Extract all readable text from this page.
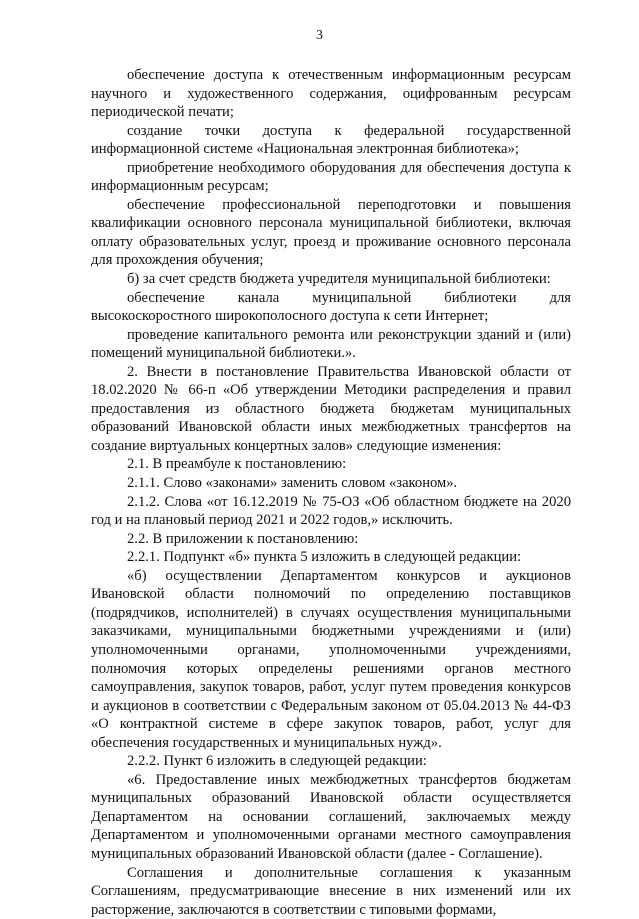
3

обеспечение доступа к отечественным информационным ресурсам научного и художественного содержания, оцифрованным ресурсам периодической печати;

создание точки доступа к федеральной государственной информационной системе «Национальная электронная библиотека»;

приобретение необходимого оборудования для обеспечения доступа к информационным ресурсам;

обеспечение профессиональной переподготовки и повышения квалификации основного персонала муниципальной библиотеки, включая оплату образовательных услуг, проезд и проживание основного персонала для прохождения обучения;

б) за счет средств бюджета учредителя муниципальной библиотеки:

обеспечение канала муниципальной библиотеки для высокоскоростного широкополосного доступа к сети Интернет;

проведение капитального ремонта или реконструкции зданий и (или) помещений муниципальной библиотеки.».

2. Внести в постановление Правительства Ивановской области от 18.02.2020 № 66-п «Об утверждении Методики распределения и правил предоставления из областного бюджета бюджетам муниципальных образований Ивановской области иных межбюджетных трансфертов на создание виртуальных концертных залов» следующие изменения:

2.1. В преамбуле к постановлению:

2.1.1. Слово «законами» заменить словом «законом».

2.1.2. Слова «от 16.12.2019 № 75-ОЗ «Об областном бюджете на 2020 год и на плановый период 2021 и 2022 годов,» исключить.

2.2. В приложении к постановлению:

2.2.1. Подпункт «б» пункта 5 изложить в следующей редакции:

«б) осуществлении Департаментом конкурсов и аукционов Ивановской области полномочий по определению поставщиков (подрядчиков, исполнителей) в случаях осуществления муниципальными заказчиками, муниципальными бюджетными учреждениями и (или) уполномоченными органами, уполномоченными учреждениями, полномочия которых определены решениями органов местного самоуправления, закупок товаров, работ, услуг путем проведения конкурсов и аукционов в соответствии с Федеральным законом от 05.04.2013 № 44-ФЗ «О контрактной системе в сфере закупок товаров, работ, услуг для обеспечения государственных и муниципальных нужд».

2.2.2. Пункт 6 изложить в следующей редакции:

«6. Предоставление иных межбюджетных трансфертов бюджетам муниципальных образований Ивановской области осуществляется Департаментом на основании соглашений, заключаемых между Департаментом и уполномоченными органами местного самоуправления муниципальных образований Ивановской области (далее - Соглашение).

Соглашения и дополнительные соглашения к указанным Соглашениям, предусматривающие внесение в них изменений или их расторжение, заключаются в соответствии с типовыми формами,
